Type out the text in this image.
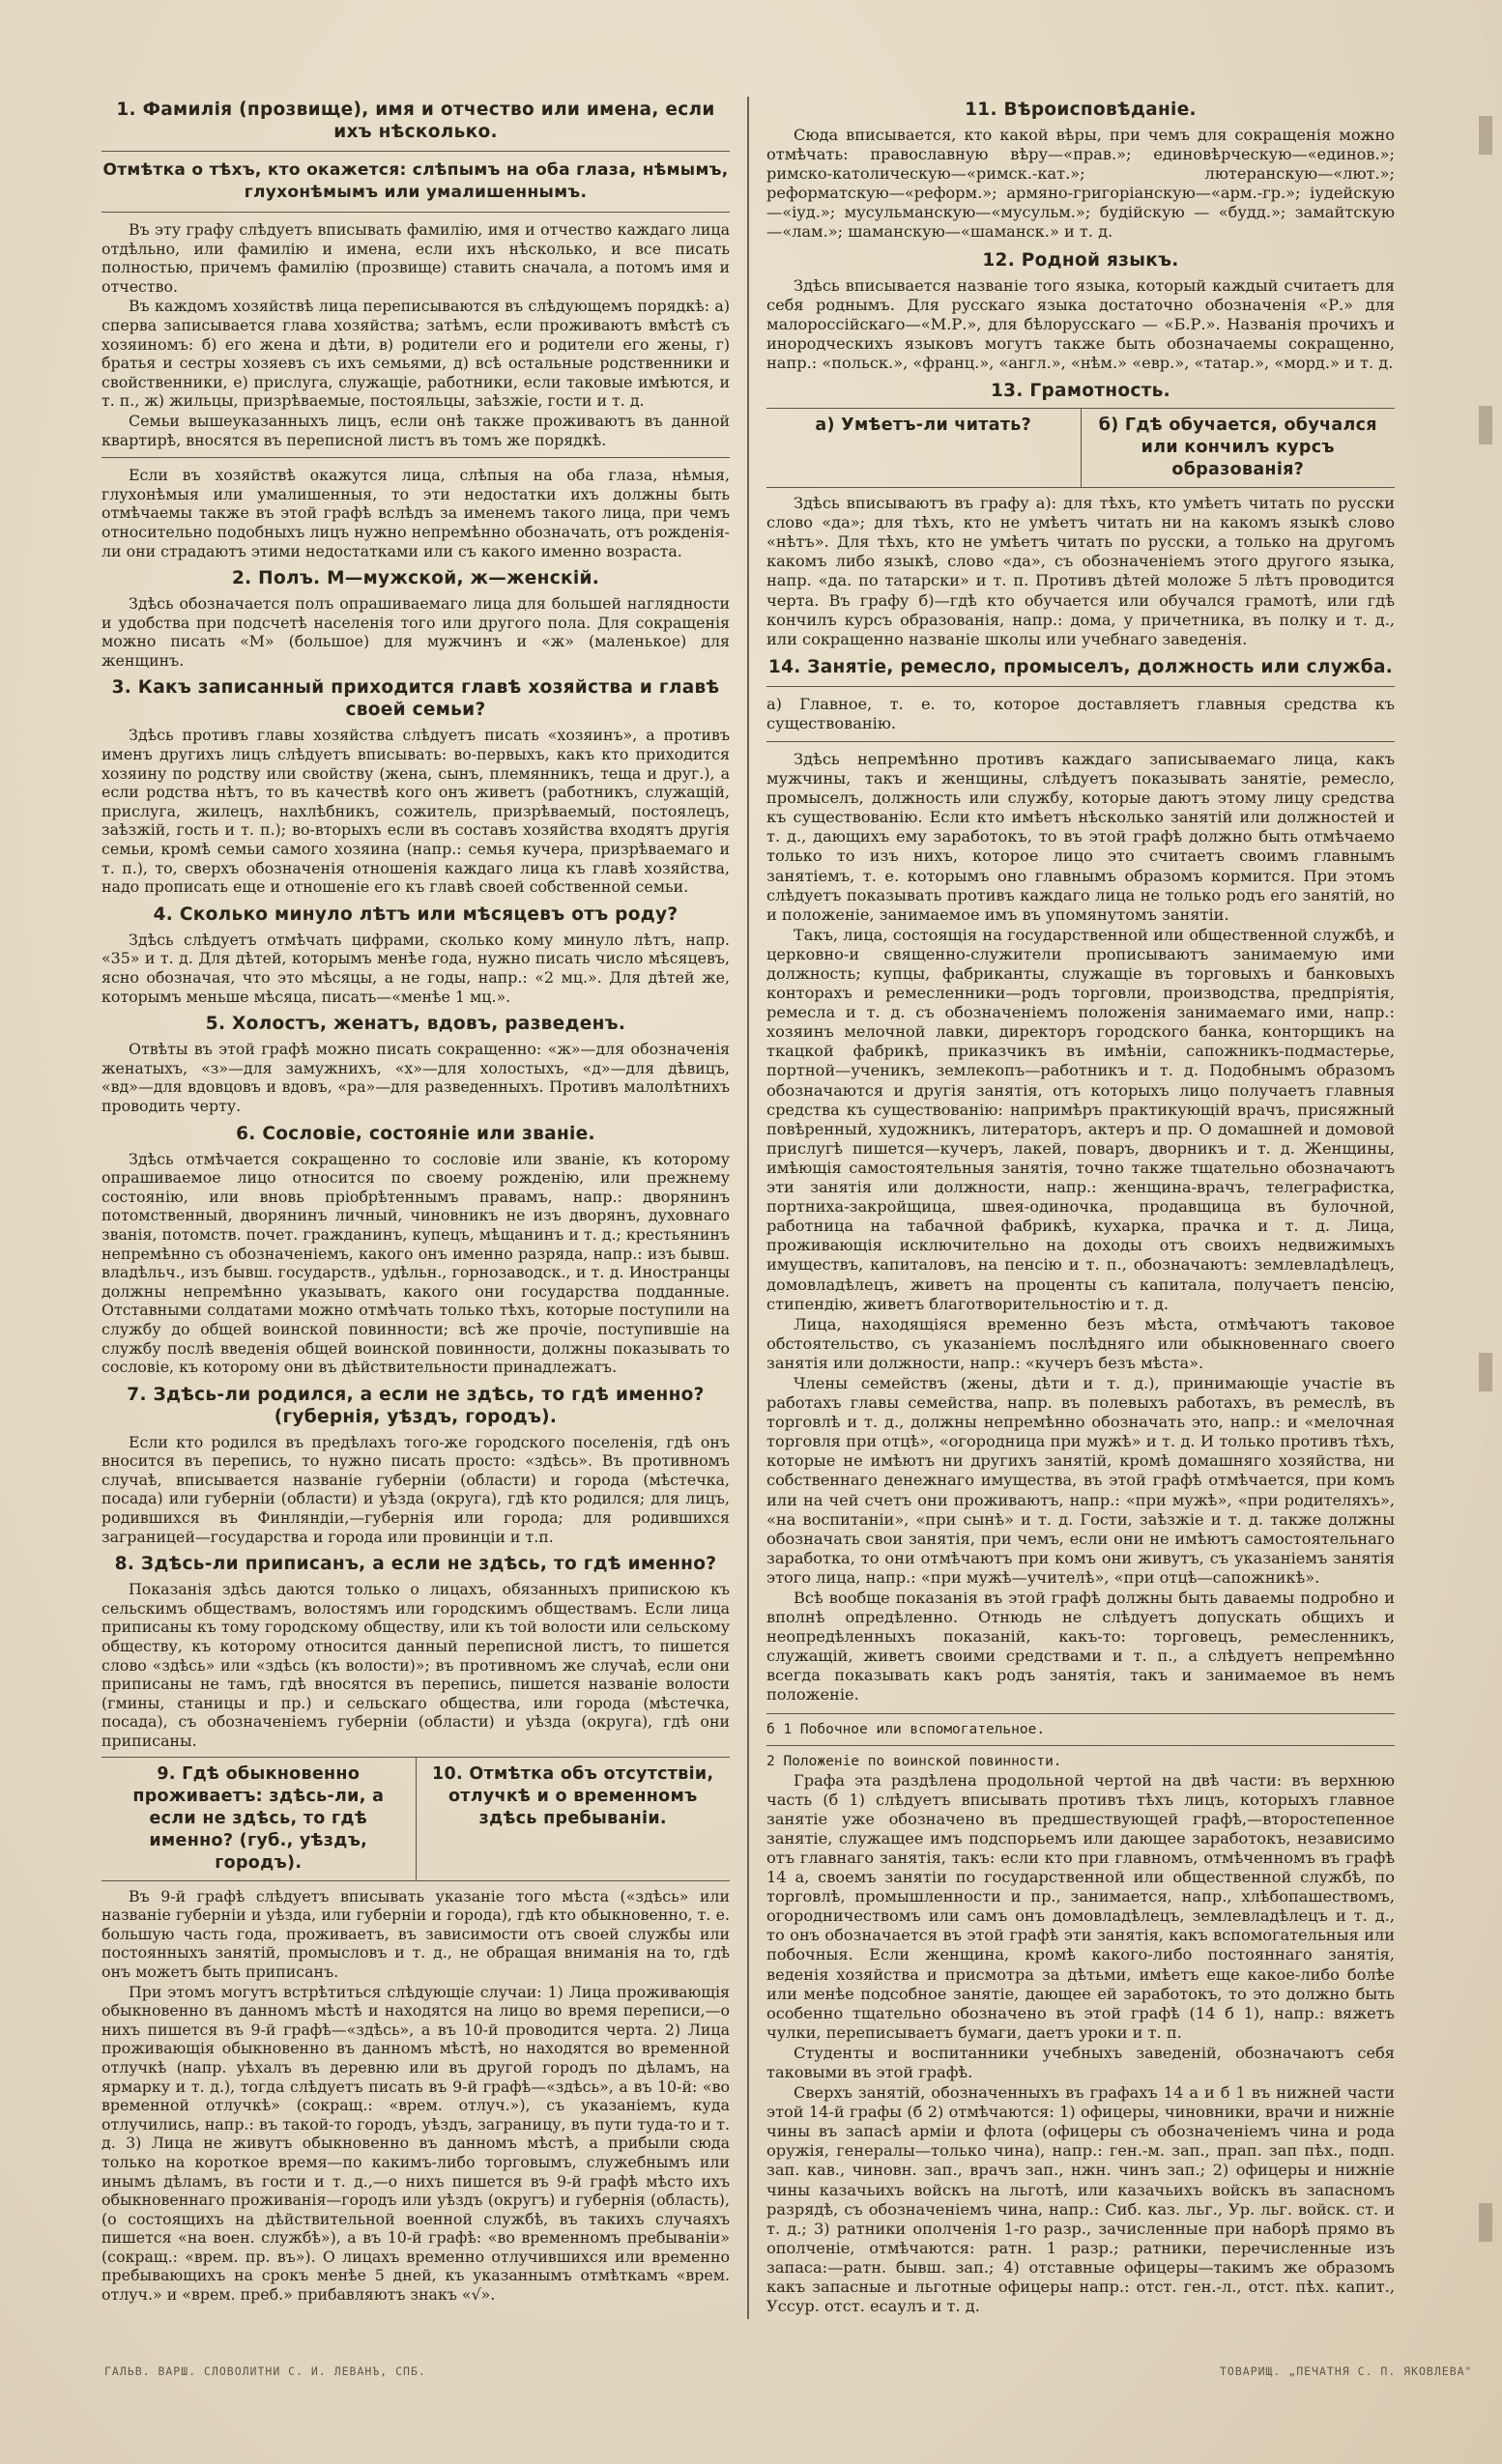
1. Фамилія (прозвище), имя и отчество или имена, если ихъ нѣсколько.
Отмѣтка о тѣхъ, кто окажется: слѣпымъ на оба глаза, нѣмымъ, глухонѣмымъ или умалишеннымъ.

Въ эту графу слѣдуетъ вписывать фамилію, имя и отчество каждаго лица отдѣльно, или фамилію и имена, если ихъ нѣсколько, и все писать полностью, причемъ фамилію (прозвище) ставить сначала, а потомъ имя и отчество.

Въ каждомъ хозяйствѣ лица переписываются въ слѣдующемъ порядкѣ: а) сперва записывается глава хозяйства; затѣмъ, если проживаютъ вмѣстѣ съ хозяиномъ: б) его жена и дѣти, в) родители его и родители его жены, г) братья и сестры хозяевъ съ ихъ семьями, д) всѣ остальные родственники и свойственники, е) прислуга, служащіе, работники, если таковые имѣются, и т. п., ж) жильцы, призрѣваемые, постояльцы, заѣзжіе, гости и т. д.

Семьи вышеуказанныхъ лицъ, если онѣ также проживаютъ въ данной квартирѣ, вносятся въ переписной листъ въ томъ же порядкѣ.

Если въ хозяйствѣ окажутся лица, слѣпыя на оба глаза, нѣмыя, глухонѣмыя или умалишенныя, то эти недостатки ихъ должны быть отмѣчаемы также въ этой графѣ вслѣдъ за именемъ такого лица, при чемъ относительно подобныхъ лицъ нужно непремѣнно обозначать, отъ рожденія-ли они страдаютъ этими недостатками или съ какого именно возраста.

2. Полъ. М—мужской, ж—женскій.

Здѣсь обозначается полъ опрашиваемаго лица для большей наглядности и удобства при подсчетѣ населенія того или другого пола. Для сокращенія можно писать «М» (большое) для мужчинъ и «ж» (маленькое) для женщинъ.

3. Какъ записанный приходится главѣ хозяйства и главѣ своей семьи?

Здѣсь противъ главы хозяйства слѣдуетъ писать «хозяинъ», а противъ именъ другихъ лицъ слѣдуетъ вписывать: во-первыхъ, какъ кто приходится хозяину по родству или свойству (жена, сынъ, племянникъ, теща и друг.), а если родства нѣтъ, то въ качествѣ кого онъ живетъ (работникъ, служащій, прислуга, жилецъ, нахлѣбникъ, сожитель, призрѣваемый, постоялецъ, заѣзжій, гость и т. п.); во-вторыхъ если въ составъ хозяйства входятъ другія семьи, кромѣ семьи самого хозяина (напр.: семья кучера, призрѣваемаго и т. п.), то, сверхъ обозначенія отношенія каждаго лица къ главѣ хозяйства, надо прописать еще и отношеніе его къ главѣ своей собственной семьи.

4. Сколько минуло лѣтъ или мѣсяцевъ отъ роду?

Здѣсь слѣдуетъ отмѣчать цифрами, сколько кому минуло лѣтъ, напр. «35» и т. д. Для дѣтей, которымъ менѣе года, нужно писать число мѣсяцевъ, ясно обозначая, что это мѣсяцы, а не годы, напр.: «2 мц.». Для дѣтей же, которымъ меньше мѣсяца, писать—«менѣе 1 мц.».

5. Холостъ, женатъ, вдовъ, разведенъ.

Отвѣты въ этой графѣ можно писать сокращенно: «ж»—для обозначенія женатыхъ, «з»—для замужнихъ, «х»—для холостыхъ, «д»—для дѣвицъ, «вд»—для вдовцовъ и вдовъ, «ра»—для разведенныхъ. Противъ малолѣтнихъ проводить черту.

6. Сословіе, состояніе или званіе.

Здѣсь отмѣчается сокращенно то сословіе или званіе, къ которому опрашиваемое лицо относится по своему рожденію, или прежнему состоянію, или вновь пріобрѣтеннымъ правамъ, напр.: дворянинъ потомственный, дворянинъ личный, чиновникъ не изъ дворянъ, духовнаго званія, потомств. почет. гражданинъ, купецъ, мѣщанинъ и т. д.; крестьянинъ непремѣнно съ обозначеніемъ, какого онъ именно разряда, напр.: изъ бывш. владѣльч., изъ бывш. государств., удѣльн., горнозаводск., и т. д. Иностранцы должны непремѣнно указывать, какого они государства подданные. Отставными солдатами можно отмѣчать только тѣхъ, которые поступили на службу до общей воинской повинности; всѣ же прочіе, поступившіе на службу послѣ введенія общей воинской повинности, должны показывать то сословіе, къ которому они въ дѣйствительности принадлежатъ.

7. Здѣсь-ли родился, а если не здѣсь, то гдѣ именно? (губернія, уѣздъ, городъ).

Если кто родился въ предѣлахъ того-же городского поселенія, гдѣ онъ вносится въ перепись, то нужно писать просто: «здѣсь». Въ противномъ случаѣ, вписывается названіе губерніи (области) и города (мѣстечка, посада) или губерніи (области) и уѣзда (округа), гдѣ кто родился; для лицъ, родившихся въ Финляндіи,—губернія или города; для родившихся заграницей—государства и города или провинціи и т.п.

8. Здѣсь-ли приписанъ, а если не здѣсь, то гдѣ именно?

Показанія здѣсь даются только о лицахъ, обязанныхъ припискою къ сельскимъ обществамъ, волостямъ или городскимъ обществамъ. Если лица приписаны къ тому городскому обществу, или къ той волости или сельскому обществу, къ которому относится данный переписной листъ, то пишется слово «здѣсь» или «здѣсь (къ волости)»; въ противномъ же случаѣ, если они приписаны не тамъ, гдѣ вносятся въ перепись, пишется названіе волости (гмины, станицы и пр.) и сельскаго общества, или города (мѣстечка, посада), съ обозначеніемъ губерніи (области) и уѣзда (округа), гдѣ они приписаны.

9. Гдѣ обыкновенно проживаетъ: здѣсь-ли, а если не здѣсь, то гдѣ именно? (губ., уѣздъ, городъ).
10. Отмѣтка объ отсутствіи, отлучкѣ и о временномъ здѣсь пребываніи.

Въ 9-й графѣ слѣдуетъ вписывать указаніе того мѣста («здѣсь» или названіе губерніи и уѣзда, или губерніи и города), гдѣ кто обыкновенно, т. е. большую часть года, проживаетъ, въ зависимости отъ своей службы или постоянныхъ занятій, промысловъ и т. д., не обращая вниманія на то, гдѣ онъ можетъ быть приписанъ.

При этомъ могутъ встрѣтиться слѣдующіе случаи: 1) Лица проживающія обыкновенно въ данномъ мѣстѣ и находятся на лицо во время переписи,—о нихъ пишется въ 9-й графѣ—«здѣсь», а въ 10-й проводится черта. 2) Лица проживающія обыкновенно въ данномъ мѣстѣ, но находятся во временной отлучкѣ (напр. уѣхалъ въ деревню или въ другой городъ по дѣламъ, на ярмарку и т. д.), тогда слѣдуетъ писать въ 9-й графѣ—«здѣсь», а въ 10-й: «во временной отлучкѣ» (сокращ.: «врем. отлуч.»), съ указаніемъ, куда отлучились, напр.: въ такой-то городъ, уѣздъ, заграницу, въ пути туда-то и т. д. 3) Лица не живутъ обыкновенно въ данномъ мѣстѣ, а прибыли сюда только на короткое время—по какимъ-либо торговымъ, служебнымъ или инымъ дѣламъ, въ гости и т. д.,—о нихъ пишется въ 9-й графѣ мѣсто ихъ обыкновеннаго проживанія—городъ или уѣздъ (округъ) и губернія (область), (о состоящихъ на дѣйствительной военной службѣ, въ такихъ случаяхъ пишется «на воен. службѣ»), а въ 10-й графѣ: «во временномъ пребываніи» (сокращ.: «врем. пр. въ»). О лицахъ временно отлучившихся или временно пребывающихъ на срокъ менѣе 5 дней, къ указаннымъ отмѣткамъ «врем. отлуч.» и «врем. преб.» прибавляютъ знакъ «√».

11. Вѣроисповѣданіе.

Сюда вписывается, кто какой вѣры, при чемъ для сокращенія можно отмѣчать: православную вѣру—«прав.»; единовѣрческую—«единов.»; римско-католическую—«римск.-кат.»; лютеранскую—«лют.»; реформатскую—«реформ.»; армяно-григоріанскую—«арм.-гр.»; іудейскую—«іуд.»; мусульманскую—«мусульм.»; будійскую — «будд.»; замайтскую—«лам.»; шаманскую—«шаманск.» и т. д.

12. Родной языкъ.

Здѣсь вписывается названіе того языка, который каждый считаетъ для себя роднымъ. Для русскаго языка достаточно обозначенія «Р.» для малороссійскаго—«М.Р.», для бѣлорусскаго — «Б.Р.». Названія прочихъ и инородческихъ языковъ могутъ также быть обозначаемы сокращенно, напр.: «польск.», «франц.», «англ.», «нѣм.» «евр.», «татар.», «морд.» и т. д.

13. Грамотность.
а) Умѣетъ-ли читать?	б) Гдѣ обучается, обучался или кончилъ курсъ образованія?

Здѣсь вписываютъ въ графу а): для тѣхъ, кто умѣетъ читать по русски слово «да»; для тѣхъ, кто не умѣетъ читать ни на какомъ языкѣ слово «нѣтъ». Для тѣхъ, кто не умѣетъ читать по русски, а только на другомъ какомъ либо языкѣ, слово «да», съ обозначеніемъ этого другого языка, напр. «да. по татарски» и т. п. Противъ дѣтей моложе 5 лѣтъ проводится черта. Въ графу б)—гдѣ кто обучается или обучался грамотѣ, или гдѣ кончилъ курсъ образованія, напр.: дома, у причетника, въ полку и т. д., или сокращенно названіе школы или учебнаго заведенія.

14. Занятіе, ремесло, промыселъ, должность или служба.

а) Главное, т. е. то, которое доставляетъ главныя средства къ существованію.

Здѣсь непремѣнно противъ каждаго записываемаго лица, какъ мужчины, такъ и женщины, слѣдуетъ показывать занятіе, ремесло, промыселъ, должность или службу, которые даютъ этому лицу средства къ существованію. Если кто имѣетъ нѣсколько занятій или должностей и т. д., дающихъ ему заработокъ, то въ этой графѣ должно быть отмѣчаемо только то изъ нихъ, которое лицо это считаетъ своимъ главнымъ занятіемъ, т. е. которымъ оно главнымъ образомъ кормится. При этомъ слѣдуетъ показывать противъ каждаго лица не только родъ его занятій, но и положеніе, занимаемое имъ въ упомянутомъ занятіи.

Такъ, лица, состоящія на государственной или общественной службѣ, и церковно-и священно-служители прописываютъ занимаемую ими должность; купцы, фабриканты, служащіе въ торговыхъ и банковыхъ конторахъ и ремесленники—родъ торговли, производства, предпріятія, ремесла и т. д. съ обозначеніемъ положенія занимаемаго ими, напр.: хозяинъ мелочной лавки, директоръ городского банка, конторщикъ на ткацкой фабрикѣ, приказчикъ въ имѣніи, сапожникъ-подмастерье, портной—ученикъ, землекопъ—работникъ и т. д. Подобнымъ образомъ обозначаются и другія занятія, отъ которыхъ лицо получаетъ главныя средства къ существованію: напримѣръ практикующій врачъ, присяжный повѣренный, художникъ, литераторъ, актеръ и пр. О домашней и домовой прислугѣ пишется—кучеръ, лакей, поваръ, дворникъ и т. д. Женщины, имѣющія самостоятельныя занятія, точно также тщательно обозначаютъ эти занятія или должности, напр.: женщина-врачъ, телеграфистка, портниха-закройщица, швея-одиночка, продавщица въ булочной, работница на табачной фабрикѣ, кухарка, прачка и т. д. Лица, проживающія исключительно на доходы отъ своихъ недвижимыхъ имуществъ, капиталовъ, на пенсію и т. п., обозначаютъ: землевладѣлецъ, домовладѣлецъ, живетъ на проценты съ капитала, получаетъ пенсію, стипендію, живетъ благотворительностію и т. д.

Лица, находящіяся временно безъ мѣста, отмѣчаютъ таковое обстоятельство, съ указаніемъ послѣдняго или обыкновеннаго своего занятія или должности, напр.: «кучеръ безъ мѣста».

Члены семействъ (жены, дѣти и т. д.), принимающіе участіе въ работахъ главы семейства, напр. въ полевыхъ работахъ, въ ремеслѣ, въ торговлѣ и т. д., должны непремѣнно обозначать это, напр.: и «мелочная торговля при отцѣ», «огородница при мужѣ» и т. д. И только противъ тѣхъ, которые не имѣютъ ни другихъ занятій, кромѣ домашняго хозяйства, ни собственнаго денежнаго имущества, въ этой графѣ отмѣчается, при комъ или на чей счетъ они проживаютъ, напр.: «при мужѣ», «при родителяхъ», «на воспитаніи», «при сынѣ» и т. д. Гости, заѣзжіе и т. д. также должны обозначать свои занятія, при чемъ, если они не имѣютъ самостоятельнаго заработка, то они отмѣчаютъ при комъ они живутъ, съ указаніемъ занятія этого лица, напр.: «при мужѣ—учителѣ», «при отцѣ—сапожникѣ».

Всѣ вообще показанія въ этой графѣ должны быть даваемы подробно и вполнѣ опредѣленно. Отнюдь не слѣдуетъ допускать общихъ и неопредѣленныхъ показаній, какъ-то: торговецъ, ремесленникъ, служащій, живетъ своими средствами и т. п., а слѣдуетъ непремѣнно всегда показывать какъ родъ занятія, такъ и занимаемое въ немъ положеніе.

б 1 Побочное или вспомогательное.
2 Положеніе по воинской повинности.

Графа эта раздѣлена продольной чертой на двѣ части: въ верхнюю часть (б 1) слѣдуетъ вписывать противъ тѣхъ лицъ, которыхъ главное занятіе уже обозначено въ предшествующей графѣ,—второстепенное занятіе, служащее имъ подспорьемъ или дающее заработокъ, независимо отъ главнаго занятія, такъ: если кто при главномъ, отмѣченномъ въ графѣ 14 а, своемъ занятіи по государственной или общественной службѣ, по торговлѣ, промышленности и пр., занимается, напр., хлѣбопашествомъ, огородничествомъ или самъ онъ домовладѣлецъ, землевладѣлецъ и т. д., то онъ обозначается въ этой графѣ эти занятія, какъ вспомогательныя или побочныя. Если женщина, кромѣ какого-либо постояннаго занятія, веденія хозяйства и присмотра за дѣтьми, имѣетъ еще какое-либо болѣе или менѣе подсобное занятіе, дающее ей заработокъ, то это должно быть особенно тщательно обозначено въ этой графѣ (14 б 1), напр.: вяжетъ чулки, переписываетъ бумаги, даетъ уроки и т. п.

Студенты и воспитанники учебныхъ заведеній, обозначаютъ себя таковыми въ этой графѣ.

Сверхъ занятій, обозначенныхъ въ графахъ 14 а и б 1 въ нижней части этой 14-й графы (б 2) отмѣчаются: 1) офицеры, чиновники, врачи и нижніе чины въ запасѣ арміи и флота (офицеры съ обозначеніемъ чина и рода оружія, генералы—только чина), напр.: ген.-м. зап., прап. зап пѣх., подп. зап. кав., чиновн. зап., врачъ зап., нжн. чинъ зап.; 2) офицеры и нижніе чины казачьихъ войскъ на льготѣ, или казачьихъ войскъ въ запасномъ разрядѣ, съ обозначеніемъ чина, напр.: Сиб. каз. льг., Ур. льг. войск. ст. и т. д.; 3) ратники ополченія 1-го разр., зачисленные при наборѣ прямо въ ополченіе, отмѣчаются: ратн. 1 разр.; ратники, перечисленные изъ запаса:—ратн. бывш. зап.; 4) отставные офицеры—такимъ же образомъ какъ запасные и льготные офицеры напр.: отст. ген.-л., отст. пѣх. капит., Уссур. отст. есаулъ и т. д.

ГАЛЬВ. ВАРШ. СЛОВОЛИТНИ С. И. ЛЕВАНЪ, СПБ.	ТОВАРИЩ. „ПЕЧАТНЯ С. П. ЯКОВЛЕВА"
